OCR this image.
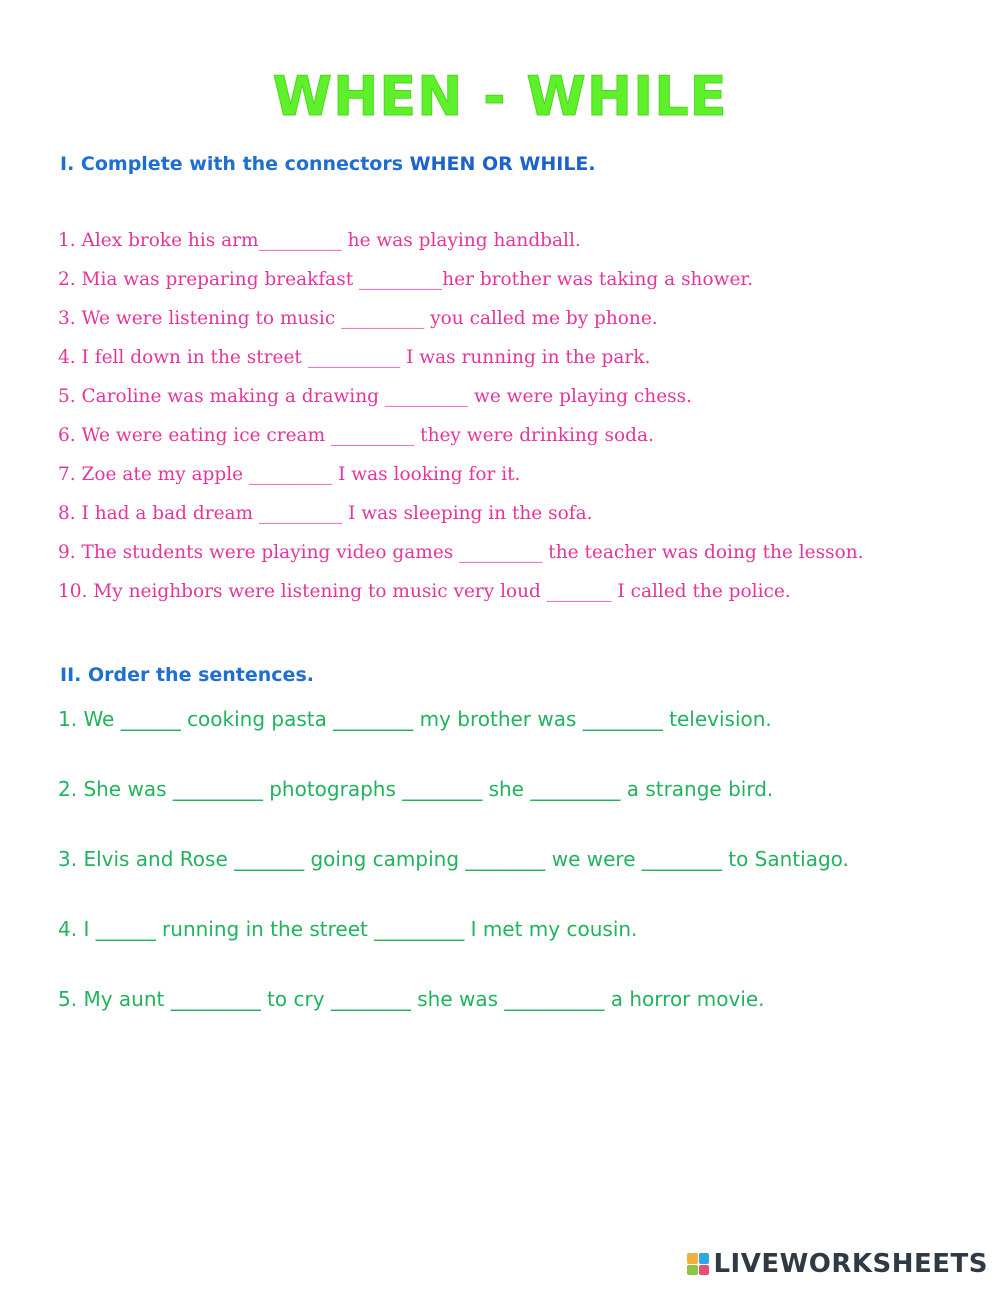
WHEN - WHILE
I. Complete with the connectors WHEN OR WHILE.
1. Alex broke his arm_________ he was playing handball.
2. Mia was preparing breakfast _________her brother was taking a shower.
3. We were listening to music _________ you called me by phone.
4. I fell down in the street __________ I was running in the park.
5. Caroline was making a drawing _________ we were playing chess.
6. We were eating ice cream _________ they were drinking soda.
7. Zoe ate my apple _________ I was looking for it.
8. I had a bad dream _________ I was sleeping in the sofa.
9. The students were playing video games _________ the teacher was doing the lesson.
10. My neighbors were listening to music very loud _______ I called the police.
II. Order the sentences.
1. We ______ cooking pasta ________ my brother was ________ television.
2. She was _________ photographs ________ she _________ a strange bird.
3. Elvis and Rose _______ going camping ________ we were ________ to Santiago.
4. I ______ running in the street _________ I met my cousin.
5. My aunt _________ to cry ________ she was __________ a horror movie.
LIVEWORKSHEETS
